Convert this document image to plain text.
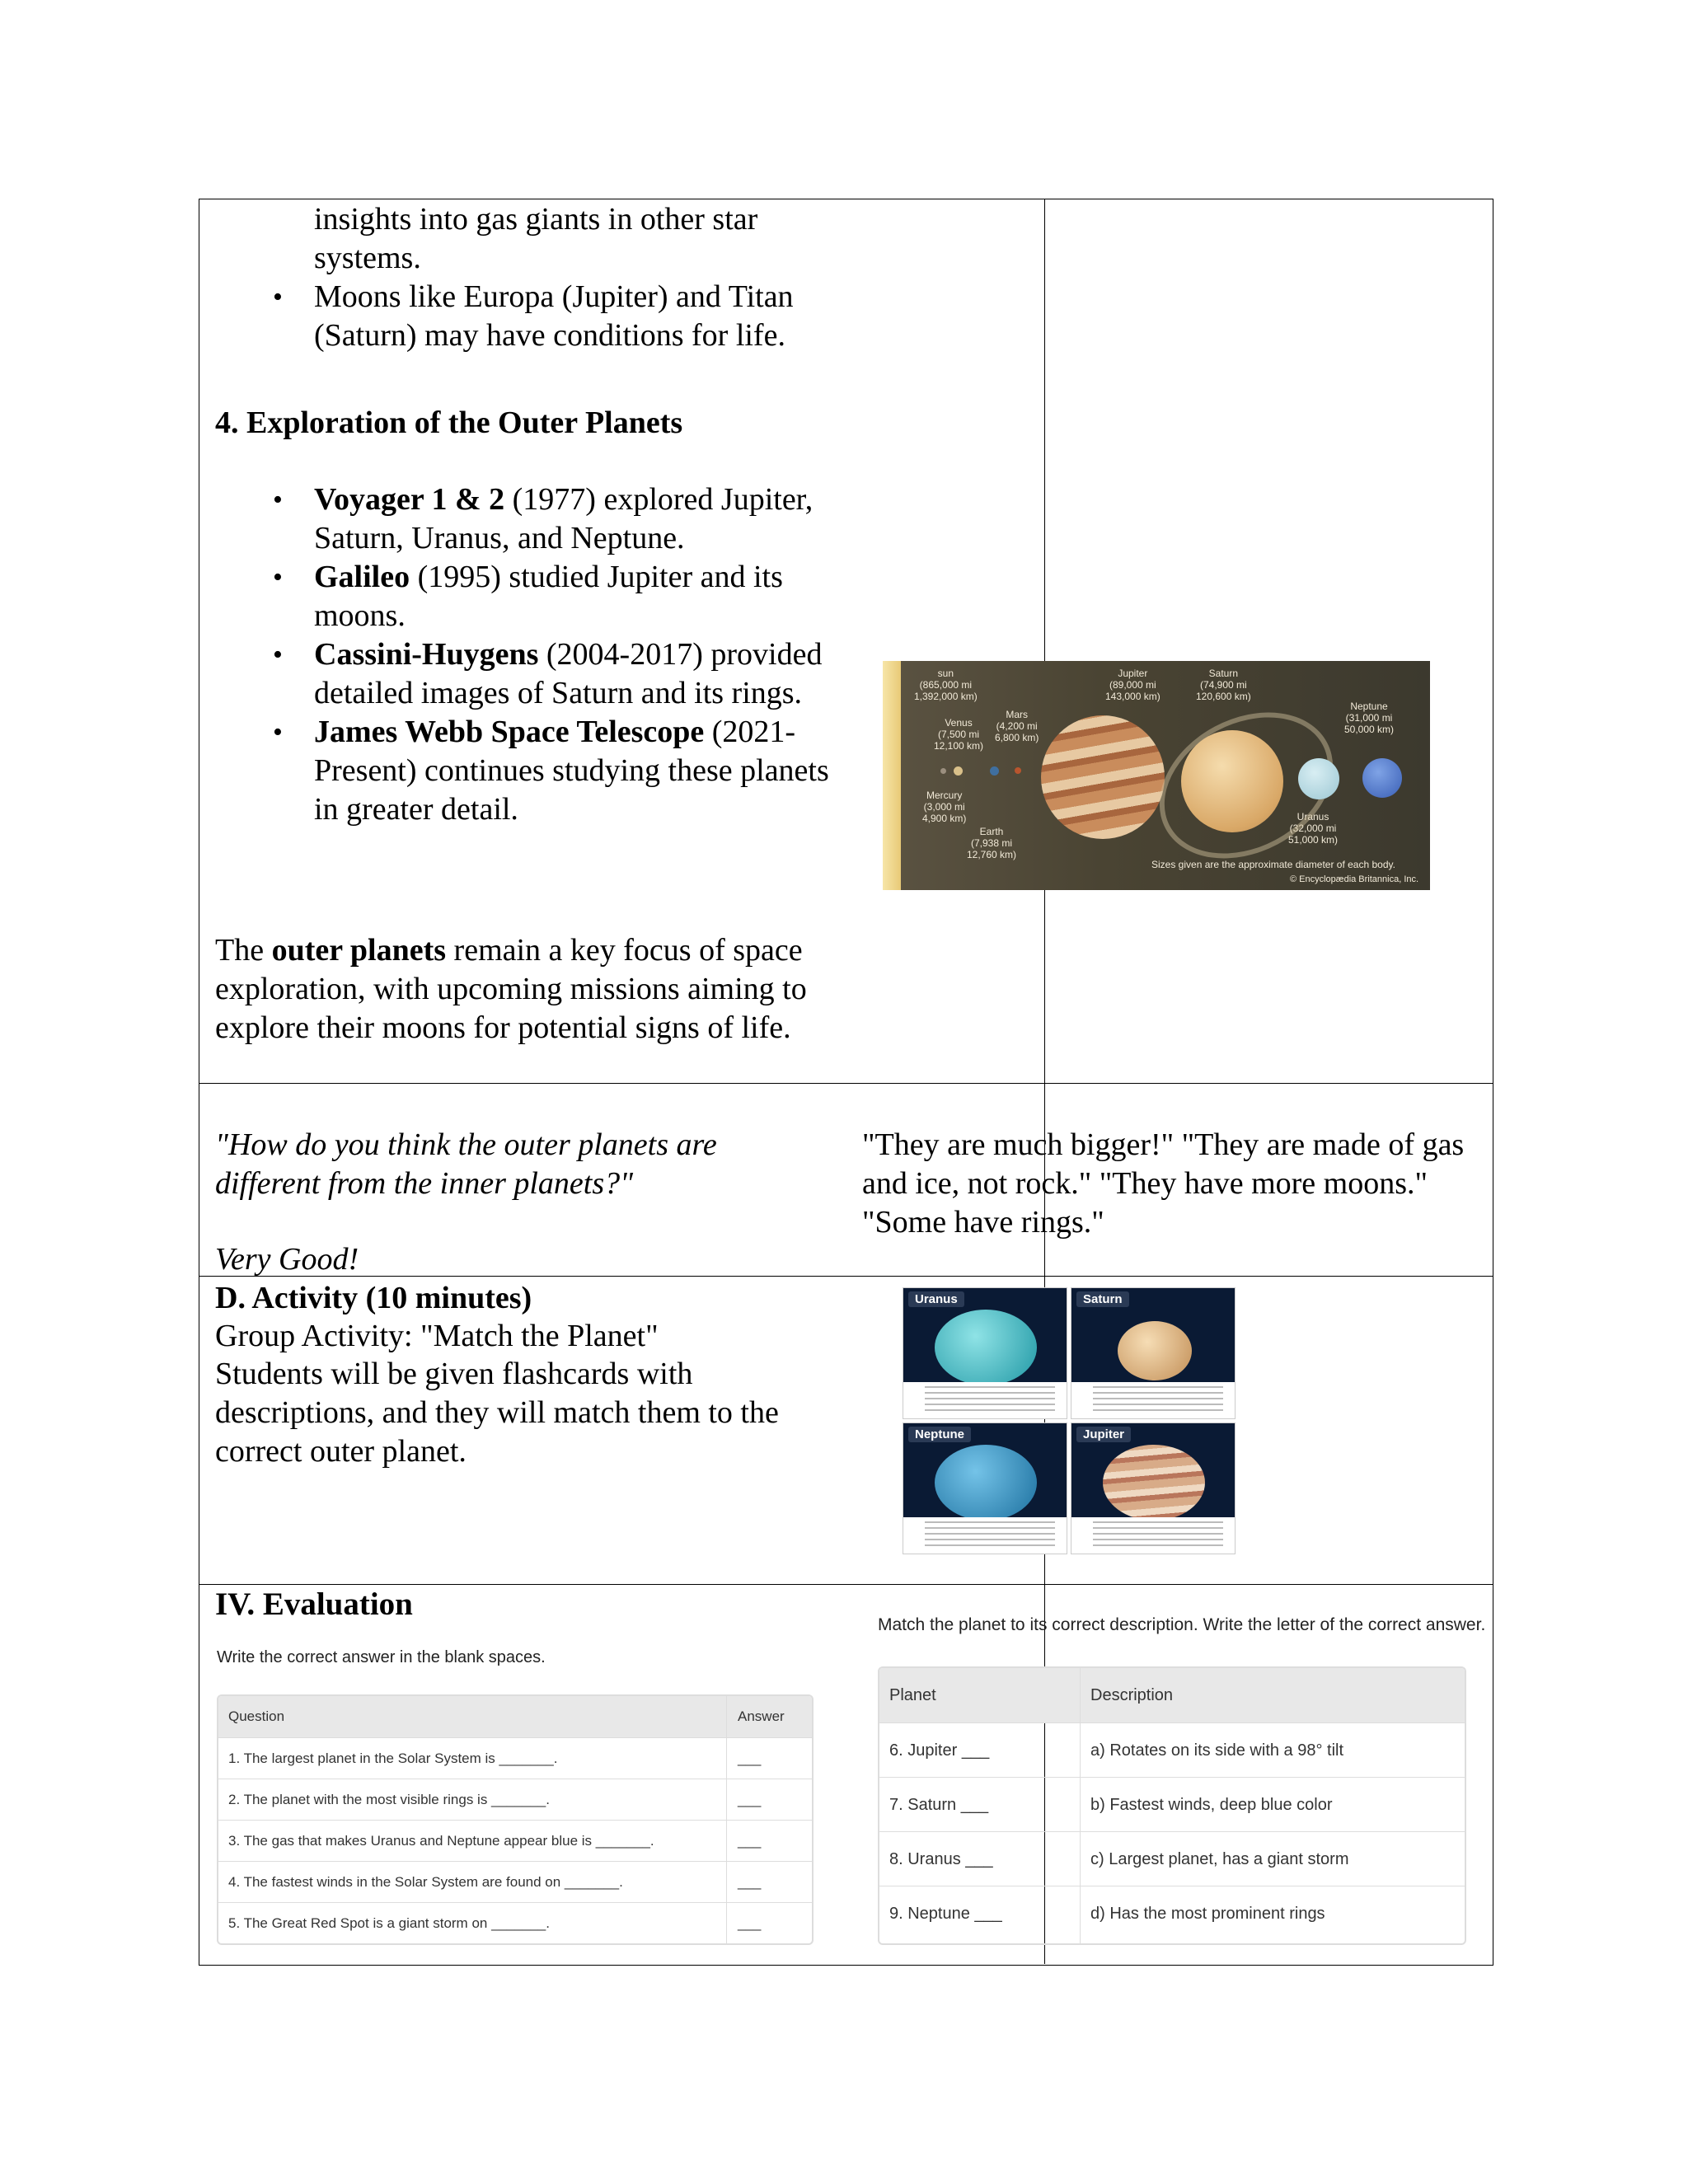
insights into gas giants in other star
systems.
• Moons like Europa (Jupiter) and Titan (Saturn) may have conditions for life.
4. Exploration of the Outer Planets
• Voyager 1 & 2 (1977) explored Jupiter, Saturn, Uranus, and Neptune.
• Galileo (1995) studied Jupiter and its moons.
• Cassini-Huygens (2004-2017) provided detailed images of Saturn and its rings.
• James Webb Space Telescope (2021-Present) continues studying these planets in greater detail.
The outer planets remain a key focus of space exploration, with upcoming missions aiming to explore their moons for potential signs of life.
sun
(865,000 mi
1,392,000 km)
Venus
(7,500 mi
12,100 km)
Mars
(4,200 mi
6,800 km)
Mercury
(3,000 mi
4,900 km)
Earth
(7,938 mi
12,760 km)
Jupiter
(89,000 mi
143,000 km)
Saturn
(74,900 mi
120,600 km)
Neptune
(31,000 mi
50,000 km)
Uranus
(32,000 mi
51,000 km)
Sizes given are the approximate diameter of each body.
© Encyclopædia Britannica, Inc.
"How do you think the outer planets are different from the inner planets?"
Very Good!
"They are much bigger!" "They are made of gas and ice, not rock." "They have more moons." "Some have rings."
D. Activity (10 minutes)
Group Activity: "Match the Planet"
Students will be given flashcards with descriptions, and they will match them to the correct outer planet.
Uranus	Saturn
Neptune	Jupiter
IV. Evaluation
Write the correct answer in the blank spaces.
Question	Answer
1. The largest planet in the Solar System is _______.	___
2. The planet with the most visible rings is _______.	___
3. The gas that makes Uranus and Neptune appear blue is _______.	___
4. The fastest winds in the Solar System are found on _______.	___
5. The Great Red Spot is a giant storm on _______.	___
Match the planet to its correct description. Write the letter of the correct answer.
Planet	Description
6. Jupiter ___	a) Rotates on its side with a 98° tilt
7. Saturn ___	b) Fastest winds, deep blue color
8. Uranus ___	c) Largest planet, has a giant storm
9. Neptune ___	d) Has the most prominent rings
